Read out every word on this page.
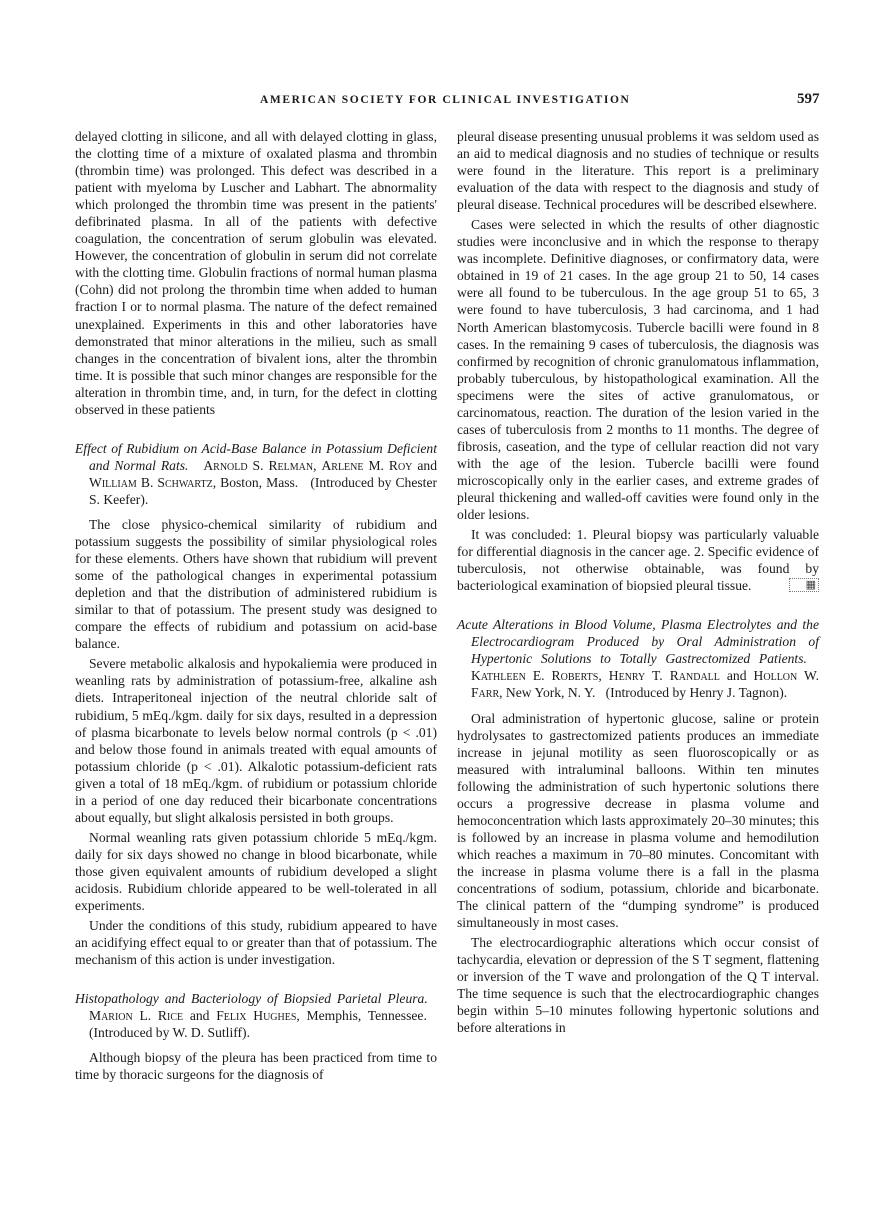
AMERICAN SOCIETY FOR CLINICAL INVESTIGATION	597

delayed clotting in silicone, and all with delayed clotting in glass, the clotting time of a mixture of oxalated plasma and thrombin (thrombin time) was prolonged. This defect was described in a patient with myeloma by Luscher and Labhart. The abnormality which prolonged the thrombin time was present in the patients' defibrinated plasma. In all of the patients with defective coagulation, the concentration of serum globulin was elevated. However, the concentration of globulin in serum did not correlate with the clotting time. Globulin fractions of normal human plasma (Cohn) did not prolong the thrombin time when added to human fraction I or to normal plasma. The nature of the defect remained unexplained. Experiments in this and other laboratories have demonstrated that minor alterations in the milieu, such as small changes in the concentration of bivalent ions, alter the thrombin time. It is possible that such minor changes are responsible for the alteration in thrombin time, and, in turn, for the defect in clotting observed in these patients

Effect of Rubidium on Acid-Base Balance in Potassium Deficient and Normal Rats. Arnold S. Relman, Arlene M. Roy and William B. Schwartz, Boston, Mass. (Introduced by Chester S. Keefer).

The close physico-chemical similarity of rubidium and potassium suggests the possibility of similar physiological roles for these elements. Others have shown that rubidium will prevent some of the pathological changes in experimental potassium depletion and that the distribution of administered rubidium is similar to that of potassium. The present study was designed to compare the effects of rubidium and potassium on acid-base balance.

Severe metabolic alkalosis and hypokaliemia were produced in weanling rats by administration of potassium-free, alkaline ash diets. Intraperitoneal injection of the neutral chloride salt of rubidium, 5 mEq./kgm. daily for six days, resulted in a depression of plasma bicarbonate to levels below normal controls (p < .01) and below those found in animals treated with equal amounts of potassium chloride (p < .01). Alkalotic potassium-deficient rats given a total of 18 mEq./kgm. of rubidium or potassium chloride in a period of one day reduced their bicarbonate concentrations about equally, but slight alkalosis persisted in both groups.

Normal weanling rats given potassium chloride 5 mEq./kgm. daily for six days showed no change in blood bicarbonate, while those given equivalent amounts of rubidium developed a slight acidosis. Rubidium chloride appeared to be well-tolerated in all experiments.

Under the conditions of this study, rubidium appeared to have an acidifying effect equal to or greater than that of potassium. The mechanism of this action is under investigation.

Histopathology and Bacteriology of Biopsied Parietal Pleura.   Marion L. Rice and Felix Hughes, Memphis, Tennessee.   (Introduced by W. D. Sutliff).

Although biopsy of the pleura has been practiced from time to time by thoracic surgeons for the diagnosis of

pleural disease presenting unusual problems it was seldom used as an aid to medical diagnosis and no studies of technique or results were found in the literature. This report is a preliminary evaluation of the data with respect to the diagnosis and study of pleural disease. Technical procedures will be described elsewhere.

Cases were selected in which the results of other diagnostic studies were inconclusive and in which the response to therapy was incomplete. Definitive diagnoses, or confirmatory data, were obtained in 19 of 21 cases. In the age group 21 to 50, 14 cases were all found to be tuberculous. In the age group 51 to 65, 3 were found to have tuberculosis, 3 had carcinoma, and 1 had North American blastomycosis. Tubercle bacilli were found in 8 cases. In the remaining 9 cases of tuberculosis, the diagnosis was confirmed by recognition of chronic granulomatous inflammation, probably tuberculous, by histopathological examination. All the specimens were the sites of active granulomatous, or carcinomatous, reaction. The duration of the lesion varied in the cases of tuberculosis from 2 months to 11 months. The degree of fibrosis, caseation, and the type of cellular reaction did not vary with the age of the lesion. Tubercle bacilli were found microscopically only in the earlier cases, and extreme grades of pleural thickening and walled-off cavities were found only in the older lesions.

It was concluded: 1. Pleural biopsy was particularly valuable for differential diagnosis in the cancer age. 2. Specific evidence of tuberculosis, not otherwise obtainable, was found by bacteriological examination of biopsied pleural tissue.	▦

Acute Alterations in Blood Volume, Plasma Electrolytes and the Electrocardiogram Produced by Oral Administration of Hypertonic Solutions to Totally Gastrectomized Patients.   Kathleen E. Roberts, Henry T. Randall and Hollon W. Farr, New York, N. Y. (Introduced by Henry J. Tagnon).

Oral administration of hypertonic glucose, saline or protein hydrolysates to gastrectomized patients produces an immediate increase in jejunal motility as seen fluoroscopically or as measured with intraluminal balloons. Within ten minutes following the administration of such hypertonic solutions there occurs a progressive decrease in plasma volume and hemoconcentration which lasts approximately 20–30 minutes; this is followed by an increase in plasma volume and hemodilution which reaches a maximum in 70–80 minutes. Concomitant with the increase in plasma volume there is a fall in the plasma concentrations of sodium, potassium, chloride and bicarbonate. The clinical pattern of the “dumping syndrome” is produced simultaneously in most cases.

The electrocardiographic alterations which occur consist of tachycardia, elevation or depression of the S T segment, flattening or inversion of the T wave and prolongation of the Q T interval. The time sequence is such that the electrocardiographic changes begin within 5–10 minutes following hypertonic solutions and before alterations in
